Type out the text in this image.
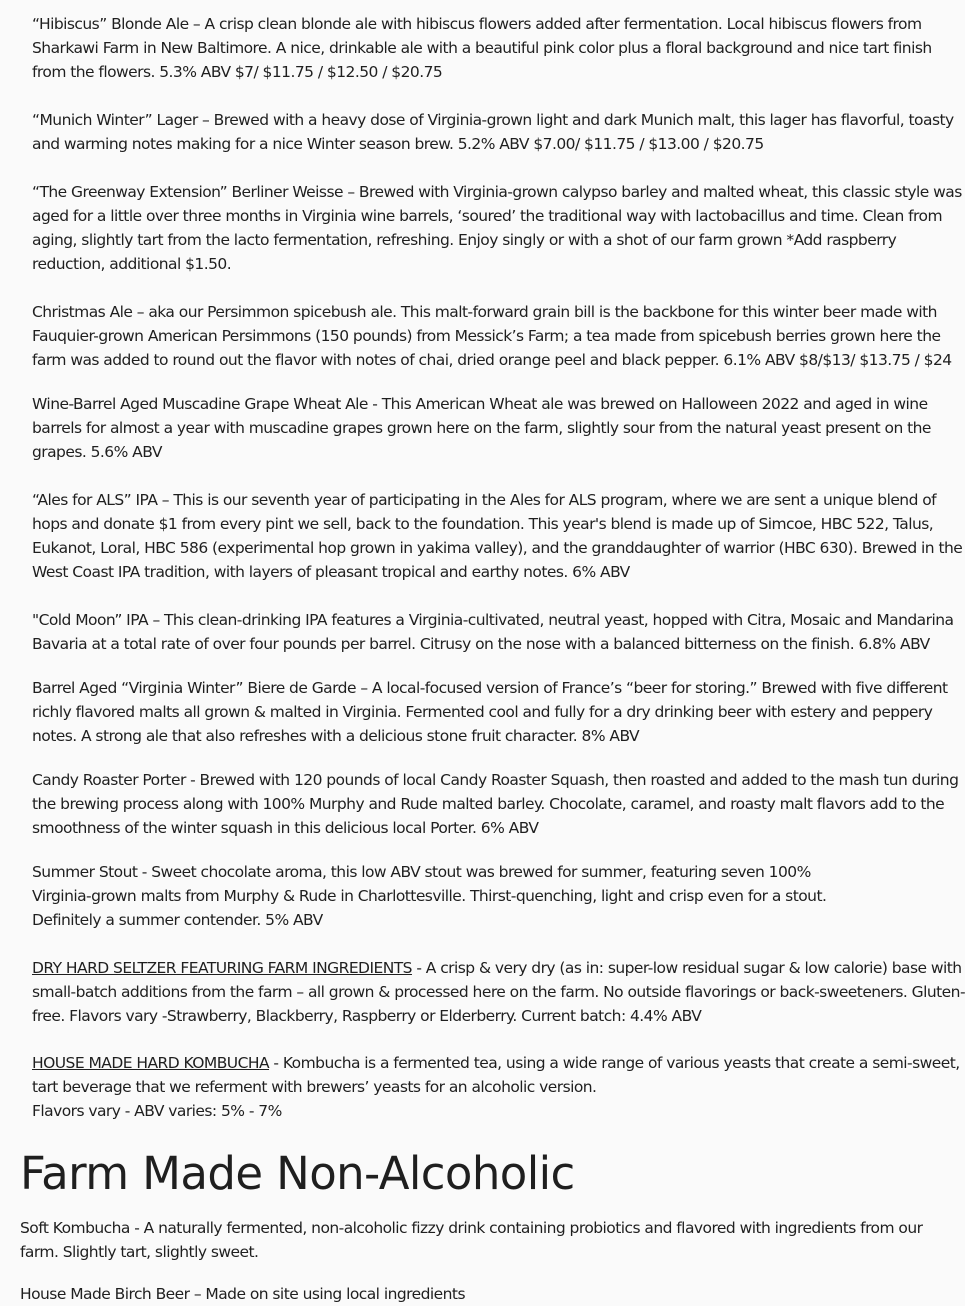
“Hibiscus” Blonde Ale – A crisp clean blonde ale with hibiscus flowers added after fermentation. Local hibiscus flowers from Sharkawi Farm in New Baltimore. A nice, drinkable ale with a beautiful pink color plus a floral background and nice tart finish from the flowers. 5.3% ABV $7/ $11.75 / $12.50 / $20.75

“Munich Winter” Lager – Brewed with a heavy dose of Virginia-grown light and dark Munich malt, this lager has flavorful, toasty and warming notes making for a nice Winter season brew. 5.2% ABV $7.00/ $11.75 / $13.00 / $20.75

“The Greenway Extension” Berliner Weisse – Brewed with Virginia-grown calypso barley and malted wheat, this classic style was aged for a little over three months in Virginia wine barrels, ‘soured’ the traditional way with lactobacillus and time. Clean from aging, slightly tart from the lacto fermentation, refreshing. Enjoy singly or with a shot of our farm grown *Add raspberry reduction, additional $1.50.

Christmas Ale – aka our Persimmon spicebush ale. This malt-forward grain bill is the backbone for this winter beer made with Fauquier-grown American Persimmons (150 pounds) from Messick’s Farm; a tea made from spicebush berries grown here the farm was added to round out the flavor with notes of chai, dried orange peel and black pepper. 6.1% ABV $8/$13/ $13.75 / $24

Wine-Barrel Aged Muscadine Grape Wheat Ale - This American Wheat ale was brewed on Halloween 2022 and aged in wine barrels for almost a year with muscadine grapes grown here on the farm, slightly sour from the natural yeast present on the grapes. 5.6% ABV

“Ales for ALS” IPA – This is our seventh year of participating in the Ales for ALS program, where we are sent a unique blend of hops and donate $1 from every pint we sell, back to the foundation. This year's blend is made up of Simcoe, HBC 522, Talus, Eukanot, Loral, HBC 586 (experimental hop grown in yakima valley), and the granddaughter of warrior (HBC 630). Brewed in the West Coast IPA tradition, with layers of pleasant tropical and earthy notes. 6% ABV

"Cold Moon” IPA – This clean-drinking IPA features a Virginia-cultivated, neutral yeast, hopped with Citra, Mosaic and Mandarina Bavaria at a total rate of over four pounds per barrel. Citrusy on the nose with a balanced bitterness on the finish. 6.8% ABV

Barrel Aged “Virginia Winter” Biere de Garde – A local-focused version of France’s “beer for storing.” Brewed with five different richly flavored malts all grown & malted in Virginia. Fermented cool and fully for a dry drinking beer with estery and peppery notes. A strong ale that also refreshes with a delicious stone fruit character. 8% ABV

Candy Roaster Porter - Brewed with 120 pounds of local Candy Roaster Squash, then roasted and added to the mash tun during the brewing process along with 100% Murphy and Rude malted barley. Chocolate, caramel, and roasty malt flavors add to the smoothness of the winter squash in this delicious local Porter. 6% ABV

Summer Stout - Sweet chocolate aroma, this low ABV stout was brewed for summer, featuring seven 100%
Virginia-grown malts from Murphy & Rude in Charlottesville. Thirst-quenching, light and crisp even for a stout.
Definitely a summer contender. 5% ABV

DRY HARD SELTZER FEATURING FARM INGREDIENTS - A crisp & very dry (as in: super-low residual sugar & low calorie) base with small-batch additions from the farm – all grown & processed here on the farm. No outside flavorings or back-sweeteners. Gluten-free. Flavors vary -Strawberry, Blackberry, Raspberry or Elderberry. Current batch: 4.4% ABV

HOUSE MADE HARD KOMBUCHA - Kombucha is a fermented tea, using a wide range of various yeasts that create a semi-sweet, tart beverage that we referment with brewers’ yeasts for an alcoholic version.

Flavors vary - ABV varies: 5% - 7%

Farm Made Non-Alcoholic

Soft Kombucha - A naturally fermented, non-alcoholic fizzy drink containing probiotics and flavored with ingredients from our farm. Slightly tart, slightly sweet.

House Made Birch Beer – Made on site using local ingredients
